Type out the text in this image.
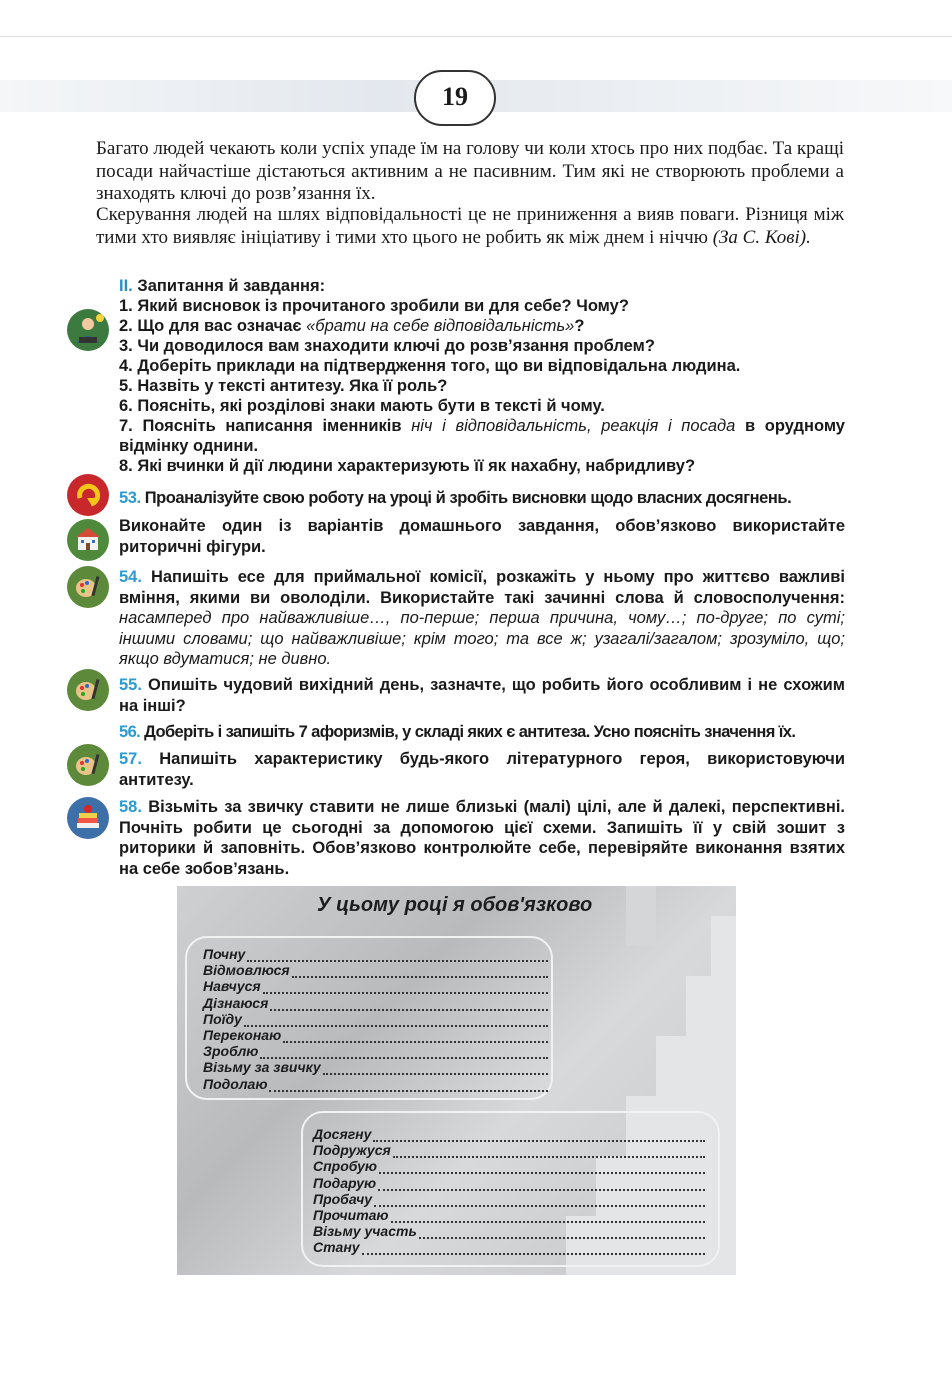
19

Багато людей чекають коли успіх упаде їм на голову чи коли хтось про них подбає. Та кращі посади найчастіше дістаються активним а не пасивним. Тим які не створюють проблеми а знаходять ключі до розв’язання їх.

Скерування людей на шлях відповідальності це не приниження а вияв поваги. Різниця між тими хто виявляє ініціативу і тими хто цього не робить як між днем і ніччю (За С. Кові).

ІІ. Запитання й завдання:

1. Який висновок із прочитаного зробили ви для себе? Чому?

2. Що для вас означає «брати на себе відповідальність»?

3. Чи доводилося вам знаходити ключі до розв’язання проблем?

4. Доберіть приклади на підтвердження того, що ви відповідальна людина.

5. Назвіть у тексті антитезу. Яка її роль?

6. Поясніть, які розділові знаки мають бути в тексті й чому.

7. Поясніть написання іменників ніч і відповідальність, реакція і посада в орудному відмінку однини.

8. Які вчинки й дії людини характеризують її як нахабну, набридливу?

53. Проаналізуйте свою роботу на уроці й зробіть висновки щодо власних досягнень.

Виконайте один із варіантів домашнього завдання, обов’язково використайте риторичні фігури.

54. Напишіть есе для приймальної комісії, розкажіть у ньому про життєво важливі вміння, якими ви оволоділи. Використайте такі зачинні слова й словосполучення: насамперед про найважливіше…, по-перше; перша причина, чому…; по-друге; по суті; іншими словами; що найважливіше; крім того; та все ж; узагалі/загалом; зрозуміло, що; якщо вдуматися; не дивно.

55. Опишіть чудовий вихідний день, зазначте, що робить його особливим і не схожим на інші?

56. Доберіть і запишіть 7 афоризмів, у складі яких є антитеза. Усно поясніть значення їх.

57. Напишіть характеристику будь-якого літературного героя, використовуючи антитезу.

58. Візьміть за звичку ставити не лише близькі (малі) цілі, але й далекі, перспективні. Почніть робити це сьогодні за допомогою цієї схеми. Запишіть її у свій зошит з риторики й заповніть. Обов’язково контролюйте себе, перевіряйте виконання взятих на себе зобов’язань.

У цьому році я обов'язково
Почну
Відмовлюся
Навчуся
Дізнаюся
Поїду
Переконаю
Зроблю
Візьму за звичку
Подолаю
Досягну
Подружуся
Спробую
Подарую
Пробачу
Прочитаю
Візьму участь
Стану
